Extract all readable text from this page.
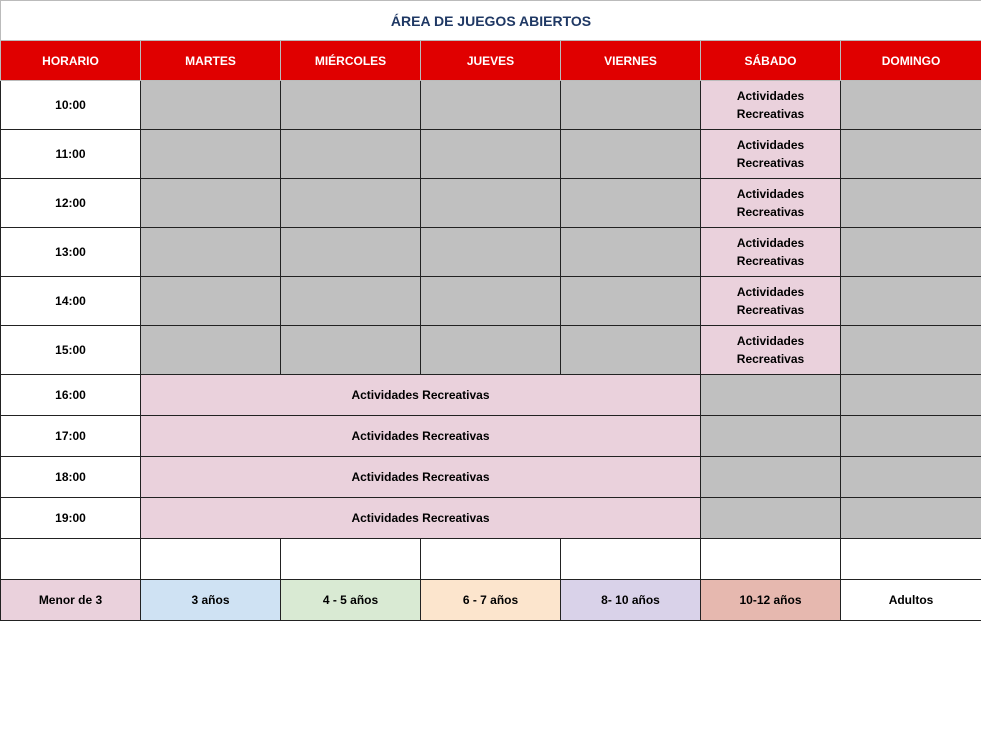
ÁREA DE JUEGOS ABIERTOS						
HORARIO	MARTES	MIÉRCOLES	JUEVES	VIERNES	SÁBADO	DOMINGO
10:00					Actividades
Recreativas	

11:00					Actividades
Recreativas	

12:00					Actividades
Recreativas	

13:00					Actividades
Recreativas	

14:00					Actividades
Recreativas	

15:00					Actividades
Recreativas	

16:00	Actividades Recreativas					
17:00	Actividades Recreativas					
18:00	Actividades Recreativas					
19:00	Actividades Recreativas					

Menor de 3	3 años	4 - 5 años	6 - 7 años	8- 10 años	10-12 años	Adultos
